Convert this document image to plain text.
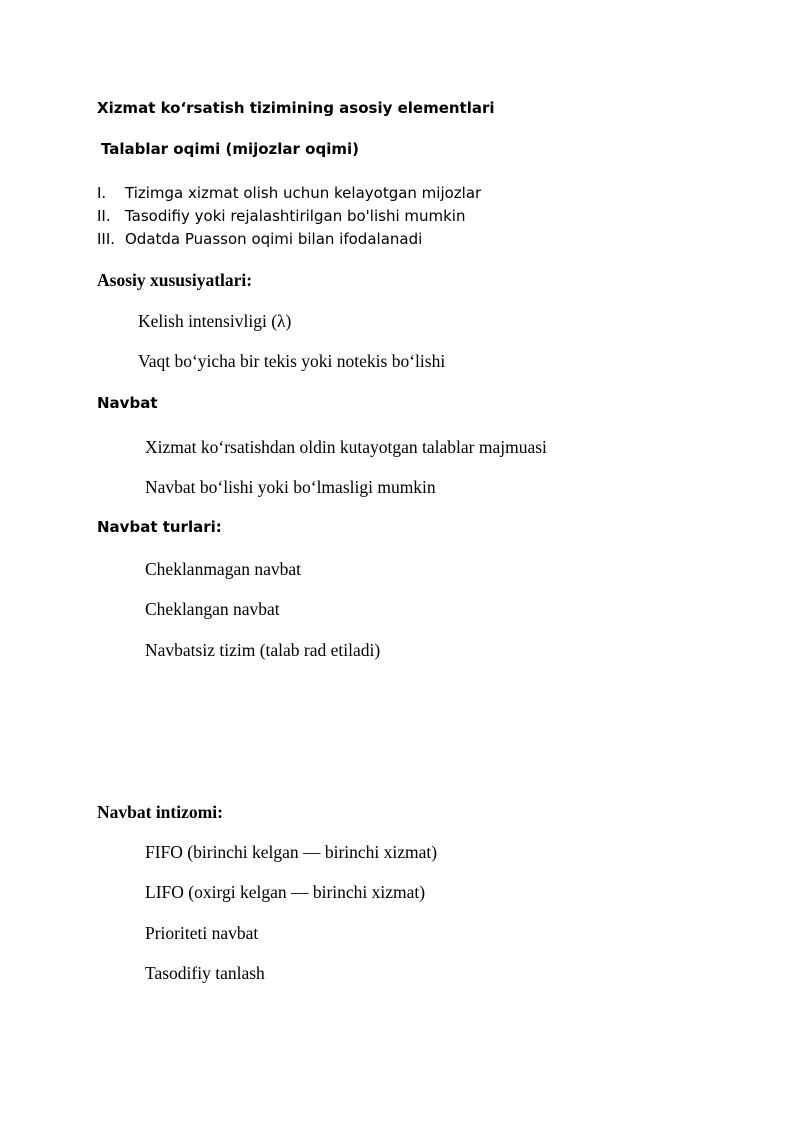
Xizmat ko‘rsatish tizimining asosiy elementlari
Talablar oqimi (mijozlar oqimi)
I. Tizimga xizmat olish uchun kelayotgan mijozlar
II. Tasodifiy yoki rejalashtirilgan bo'lishi mumkin
III. Odatda Puasson oqimi bilan ifodalanadi
Asosiy xususiyatlari:
Kelish intensivligi (λ)
Vaqt bo‘yicha bir tekis yoki notekis bo‘lishi
Navbat
Xizmat ko‘rsatishdan oldin kutayotgan talablar majmuasi
Navbat bo‘lishi yoki bo‘lmasligi mumkin
Navbat turlari:
Cheklanmagan navbat
Cheklangan navbat
Navbatsiz tizim (talab rad etiladi)
Navbat intizomi:
FIFO (birinchi kelgan — birinchi xizmat)
LIFO (oxirgi kelgan — birinchi xizmat)
Prioriteti navbat
Tasodifiy tanlash
